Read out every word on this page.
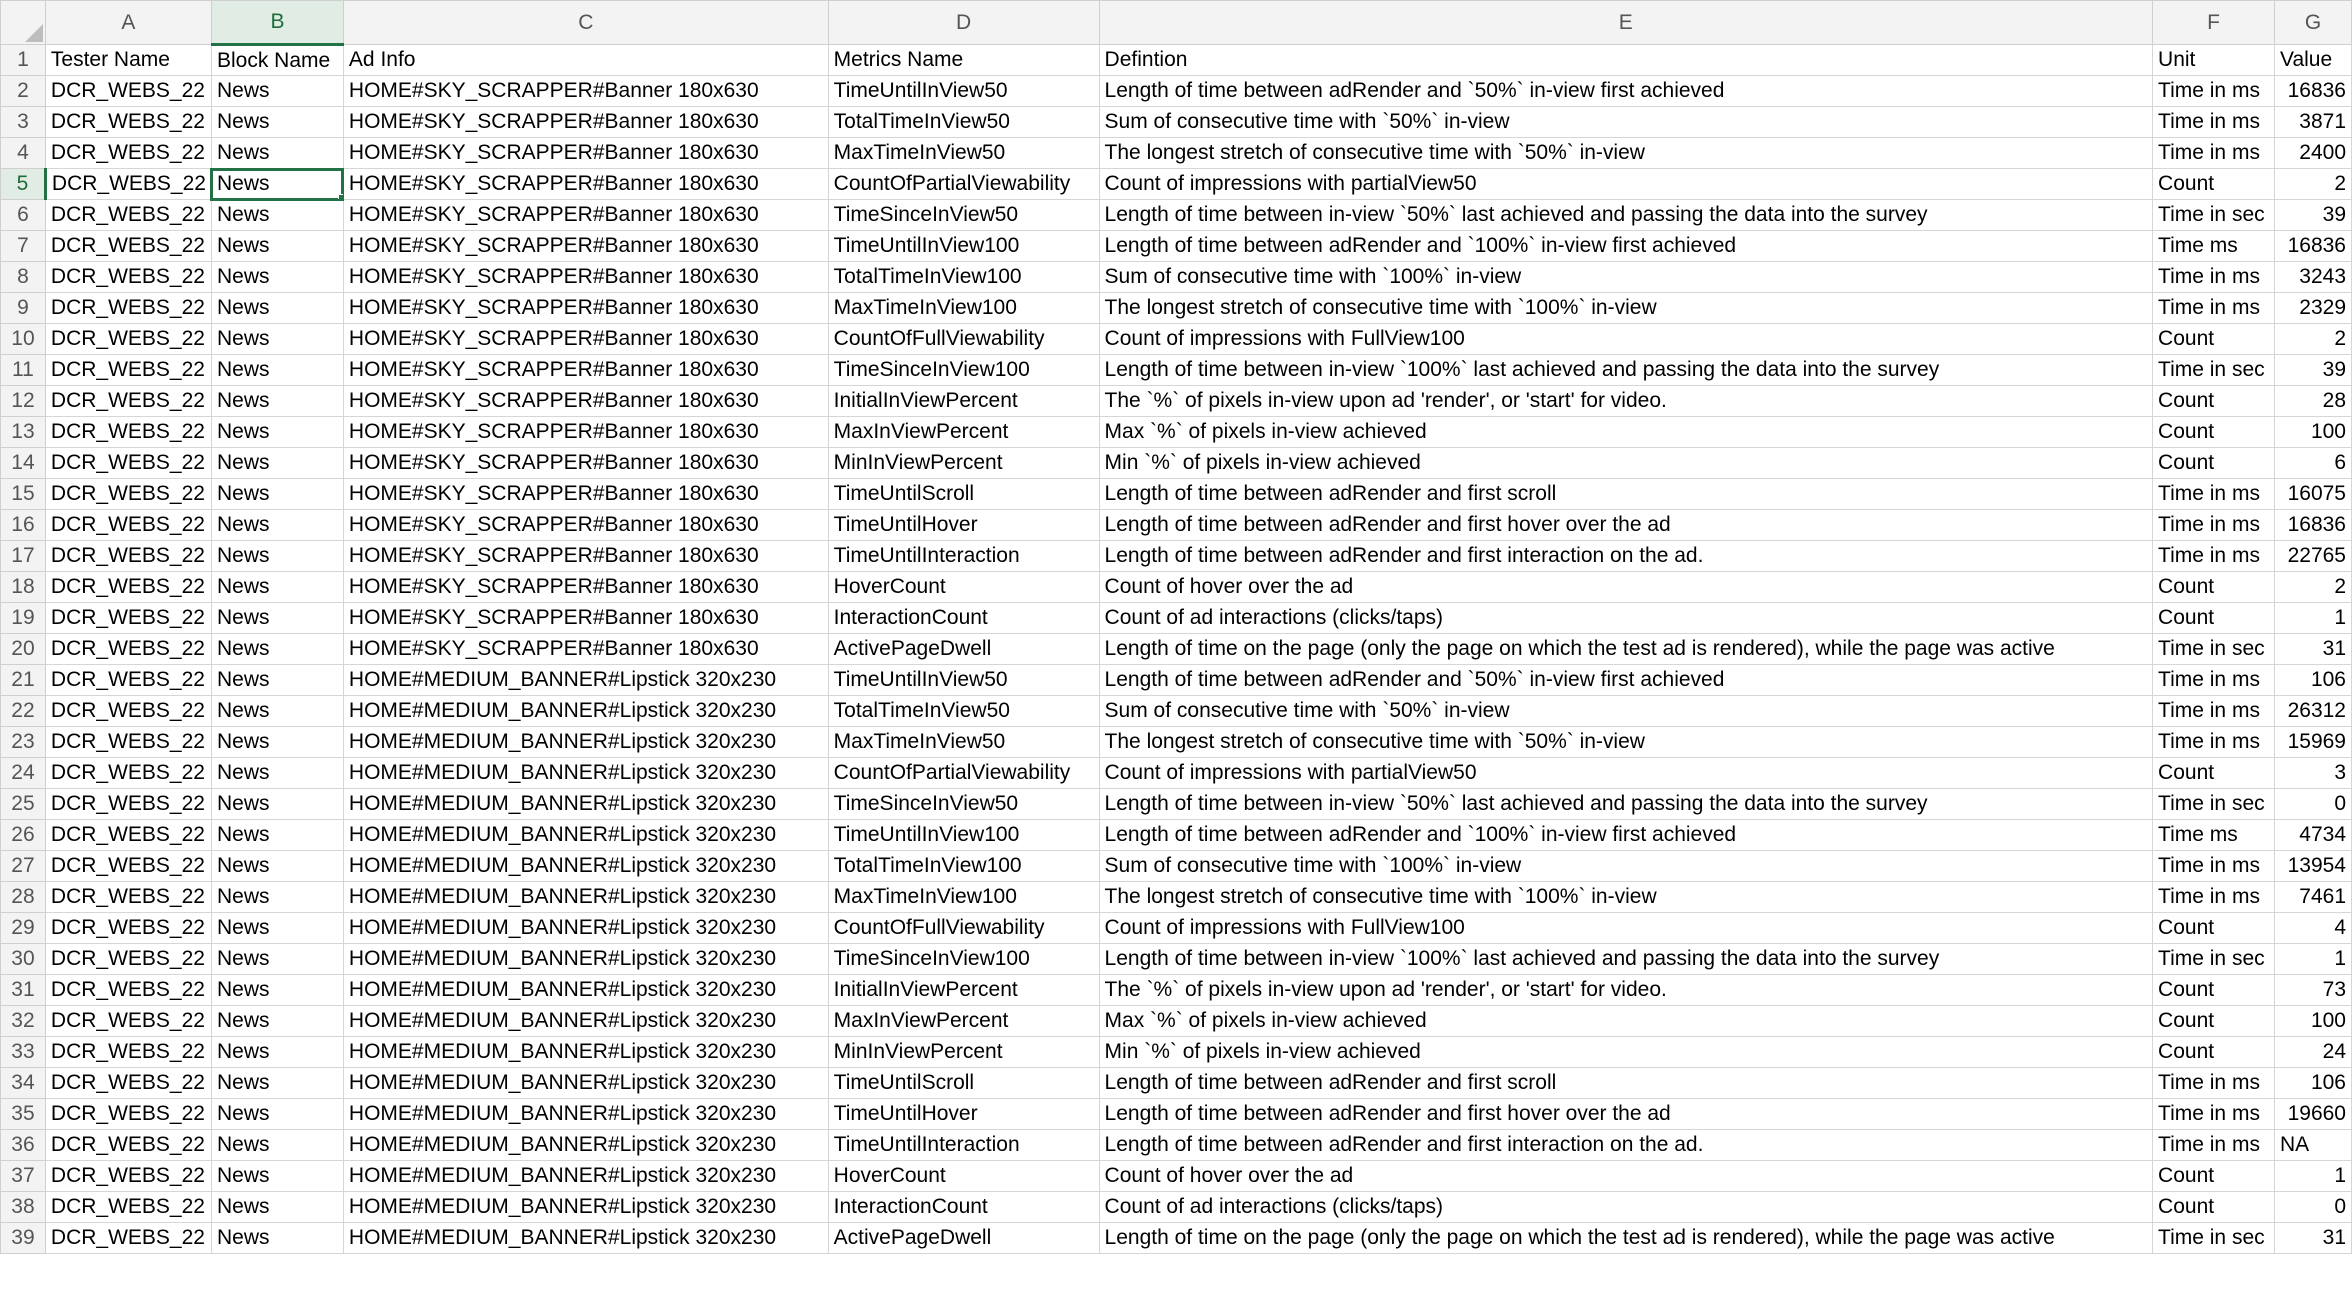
	A	B	C	D	E	F	G
1	Tester Name	Block Name	Ad Info	Metrics Name	Defintion	Unit	Value
2	DCR_WEBS_22	News	HOME#SKY_SCRAPPER#Banner 180x630	TimeUntilInView50	Length of time between adRender and `50%` in-view first achieved	Time in ms	16836
3	DCR_WEBS_22	News	HOME#SKY_SCRAPPER#Banner 180x630	TotalTimeInView50	Sum of consecutive time with `50%` in-view	Time in ms	3871
4	DCR_WEBS_22	News	HOME#SKY_SCRAPPER#Banner 180x630	MaxTimeInView50	The longest stretch of consecutive time with `50%` in-view	Time in ms	2400
5	DCR_WEBS_22	News	HOME#SKY_SCRAPPER#Banner 180x630	CountOfPartialViewability	Count of impressions with partialView50	Count	2
6	DCR_WEBS_22	News	HOME#SKY_SCRAPPER#Banner 180x630	TimeSinceInView50	Length of time between in-view `50%` last achieved and passing the data into the survey	Time in sec	39
7	DCR_WEBS_22	News	HOME#SKY_SCRAPPER#Banner 180x630	TimeUntilInView100	Length of time between adRender and `100%` in-view first achieved	Time ms	16836
8	DCR_WEBS_22	News	HOME#SKY_SCRAPPER#Banner 180x630	TotalTimeInView100	Sum of consecutive time with `100%` in-view	Time in ms	3243
9	DCR_WEBS_22	News	HOME#SKY_SCRAPPER#Banner 180x630	MaxTimeInView100	The longest stretch of consecutive time with `100%` in-view	Time in ms	2329
10	DCR_WEBS_22	News	HOME#SKY_SCRAPPER#Banner 180x630	CountOfFullViewability	Count of impressions with FullView100	Count	2
11	DCR_WEBS_22	News	HOME#SKY_SCRAPPER#Banner 180x630	TimeSinceInView100	Length of time between in-view `100%` last achieved and passing the data into the survey	Time in sec	39
12	DCR_WEBS_22	News	HOME#SKY_SCRAPPER#Banner 180x630	InitialInViewPercent	The `%` of pixels in-view upon ad 'render', or 'start' for video.	Count	28
13	DCR_WEBS_22	News	HOME#SKY_SCRAPPER#Banner 180x630	MaxInViewPercent	Max `%` of pixels in-view achieved	Count	100
14	DCR_WEBS_22	News	HOME#SKY_SCRAPPER#Banner 180x630	MinInViewPercent	Min `%` of pixels in-view achieved	Count	6
15	DCR_WEBS_22	News	HOME#SKY_SCRAPPER#Banner 180x630	TimeUntilScroll	Length of time between adRender and first scroll	Time in ms	16075
16	DCR_WEBS_22	News	HOME#SKY_SCRAPPER#Banner 180x630	TimeUntilHover	Length of time between adRender and first hover over the ad	Time in ms	16836
17	DCR_WEBS_22	News	HOME#SKY_SCRAPPER#Banner 180x630	TimeUntilInteraction	Length of time between adRender and first interaction on the ad.	Time in ms	22765
18	DCR_WEBS_22	News	HOME#SKY_SCRAPPER#Banner 180x630	HoverCount	Count of hover over the ad	Count	2
19	DCR_WEBS_22	News	HOME#SKY_SCRAPPER#Banner 180x630	InteractionCount	Count of ad interactions (clicks/taps)	Count	1
20	DCR_WEBS_22	News	HOME#SKY_SCRAPPER#Banner 180x630	ActivePageDwell	Length of time on the page (only the page on which the test ad is rendered), while the page was active	Time in sec	31
21	DCR_WEBS_22	News	HOME#MEDIUM_BANNER#Lipstick 320x230	TimeUntilInView50	Length of time between adRender and `50%` in-view first achieved	Time in ms	106
22	DCR_WEBS_22	News	HOME#MEDIUM_BANNER#Lipstick 320x230	TotalTimeInView50	Sum of consecutive time with `50%` in-view	Time in ms	26312
23	DCR_WEBS_22	News	HOME#MEDIUM_BANNER#Lipstick 320x230	MaxTimeInView50	The longest stretch of consecutive time with `50%` in-view	Time in ms	15969
24	DCR_WEBS_22	News	HOME#MEDIUM_BANNER#Lipstick 320x230	CountOfPartialViewability	Count of impressions with partialView50	Count	3
25	DCR_WEBS_22	News	HOME#MEDIUM_BANNER#Lipstick 320x230	TimeSinceInView50	Length of time between in-view `50%` last achieved and passing the data into the survey	Time in sec	0
26	DCR_WEBS_22	News	HOME#MEDIUM_BANNER#Lipstick 320x230	TimeUntilInView100	Length of time between adRender and `100%` in-view first achieved	Time ms	4734
27	DCR_WEBS_22	News	HOME#MEDIUM_BANNER#Lipstick 320x230	TotalTimeInView100	Sum of consecutive time with `100%` in-view	Time in ms	13954
28	DCR_WEBS_22	News	HOME#MEDIUM_BANNER#Lipstick 320x230	MaxTimeInView100	The longest stretch of consecutive time with `100%` in-view	Time in ms	7461
29	DCR_WEBS_22	News	HOME#MEDIUM_BANNER#Lipstick 320x230	CountOfFullViewability	Count of impressions with FullView100	Count	4
30	DCR_WEBS_22	News	HOME#MEDIUM_BANNER#Lipstick 320x230	TimeSinceInView100	Length of time between in-view `100%` last achieved and passing the data into the survey	Time in sec	1
31	DCR_WEBS_22	News	HOME#MEDIUM_BANNER#Lipstick 320x230	InitialInViewPercent	The `%` of pixels in-view upon ad 'render', or 'start' for video.	Count	73
32	DCR_WEBS_22	News	HOME#MEDIUM_BANNER#Lipstick 320x230	MaxInViewPercent	Max `%` of pixels in-view achieved	Count	100
33	DCR_WEBS_22	News	HOME#MEDIUM_BANNER#Lipstick 320x230	MinInViewPercent	Min `%` of pixels in-view achieved	Count	24
34	DCR_WEBS_22	News	HOME#MEDIUM_BANNER#Lipstick 320x230	TimeUntilScroll	Length of time between adRender and first scroll	Time in ms	106
35	DCR_WEBS_22	News	HOME#MEDIUM_BANNER#Lipstick 320x230	TimeUntilHover	Length of time between adRender and first hover over the ad	Time in ms	19660
36	DCR_WEBS_22	News	HOME#MEDIUM_BANNER#Lipstick 320x230	TimeUntilInteraction	Length of time between adRender and first interaction on the ad.	Time in ms	NA
37	DCR_WEBS_22	News	HOME#MEDIUM_BANNER#Lipstick 320x230	HoverCount	Count of hover over the ad	Count	1
38	DCR_WEBS_22	News	HOME#MEDIUM_BANNER#Lipstick 320x230	InteractionCount	Count of ad interactions (clicks/taps)	Count	0
39	DCR_WEBS_22	News	HOME#MEDIUM_BANNER#Lipstick 320x230	ActivePageDwell	Length of time on the page (only the page on which the test ad is rendered), while the page was active	Time in sec	31
